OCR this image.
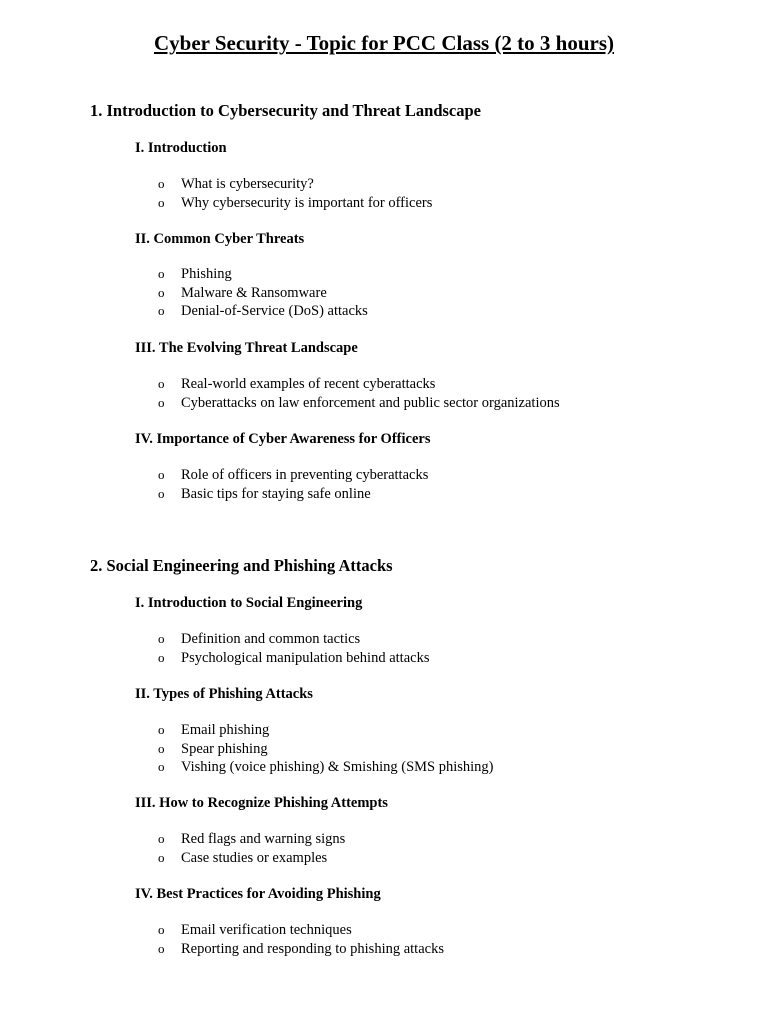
Cyber Security - Topic for PCC Class (2 to 3 hours)
1. Introduction to Cybersecurity and Threat Landscape
I. Introduction
o What is cybersecurity?
o Why cybersecurity is important for officers
II. Common Cyber Threats
o Phishing
o Malware & Ransomware
o Denial-of-Service (DoS) attacks
III. The Evolving Threat Landscape
o Real-world examples of recent cyberattacks
o Cyberattacks on law enforcement and public sector organizations
IV. Importance of Cyber Awareness for Officers
o Role of officers in preventing cyberattacks
o Basic tips for staying safe online
2. Social Engineering and Phishing Attacks
I. Introduction to Social Engineering
o Definition and common tactics
o Psychological manipulation behind attacks
II. Types of Phishing Attacks
o Email phishing
o Spear phishing
o Vishing (voice phishing) & Smishing (SMS phishing)
III. How to Recognize Phishing Attempts
o Red flags and warning signs
o Case studies or examples
IV. Best Practices for Avoiding Phishing
o Email verification techniques
o Reporting and responding to phishing attacks
